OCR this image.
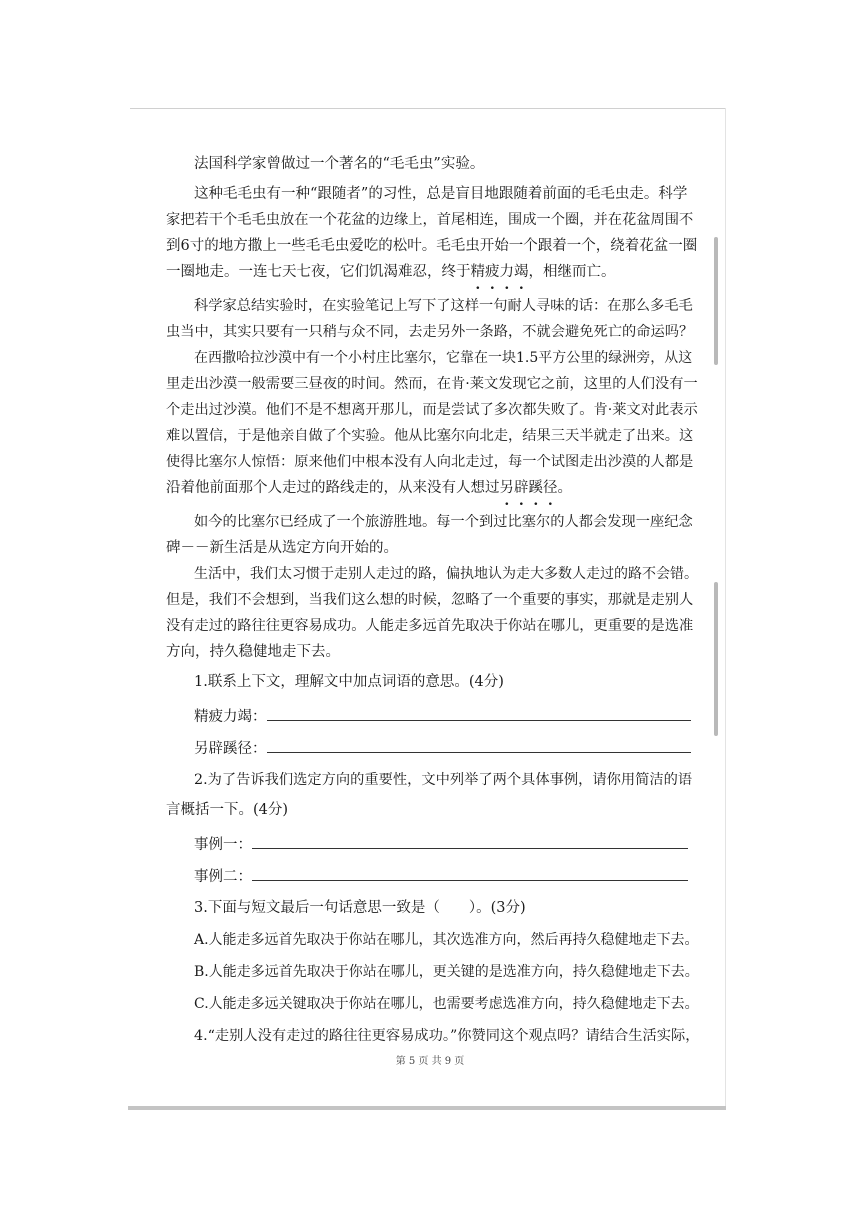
法国科学家曾做过一个著名的“毛毛虫”实验。
这种毛毛虫有一种“跟随者”的习性，总是盲目地跟随着前面的毛毛虫走。科学
家把若干个毛毛虫放在一个花盆的边缘上，首尾相连，围成一个圈，并在花盆周围不
到6寸的地方撒上一些毛毛虫爱吃的松叶。毛毛虫开始一个跟着一个，绕着花盆一圈
一圈地走。一连七天七夜，它们饥渴难忍，终于精疲力竭，相继而亡。
科学家总结实验时，在实验笔记上写下了这样一句耐人寻味的话：在那么多毛毛
虫当中，其实只要有一只稍与众不同，去走另外一条路，不就会避免死亡的命运吗？
在西撒哈拉沙漠中有一个小村庄比塞尔，它靠在一块1.5平方公里的绿洲旁，从这
里走出沙漠一般需要三昼夜的时间。然而，在肯·莱文发现它之前，这里的人们没有一
个走出过沙漠。他们不是不想离开那儿，而是尝试了多次都失败了。肯·莱文对此表示
难以置信，于是他亲自做了个实验。他从比塞尔向北走，结果三天半就走了出来。这
使得比塞尔人惊悟：原来他们中根本没有人向北走过，每一个试图走出沙漠的人都是
沿着他前面那个人走过的路线走的，从来没有人想过另辟蹊径。
如今的比塞尔已经成了一个旅游胜地。每一个到过比塞尔的人都会发现一座纪念
碑－－新生活是从选定方向开始的。
生活中，我们太习惯于走别人走过的路，偏执地认为走大多数人走过的路不会错。
但是，我们不会想到，当我们这么想的时候，忽略了一个重要的事实，那就是走别人
没有走过的路往往更容易成功。人能走多远首先取决于你站在哪儿，更重要的是选准
方向，持久稳健地走下去。
1.联系上下文，理解文中加点词语的意思。(4分)
精疲力竭：
另辟蹊径：
2.为了告诉我们选定方向的重要性，文中列举了两个具体事例，请你用简洁的语
言概括一下。(4分)
事例一：
事例二：
3.下面与短文最后一句话意思一致是（　　）。(3分)
A.人能走多远首先取决于你站在哪儿，其次选准方向，然后再持久稳健地走下去。
B.人能走多远首先取决于你站在哪儿，更关键的是选准方向，持久稳健地走下去。
C.人能走多远关键取决于你站在哪儿，也需要考虑选准方向，持久稳健地走下去。
4.“走别人没有走过的路往往更容易成功。”你赞同这个观点吗？请结合生活实际，
第 5 页 共 9 页
